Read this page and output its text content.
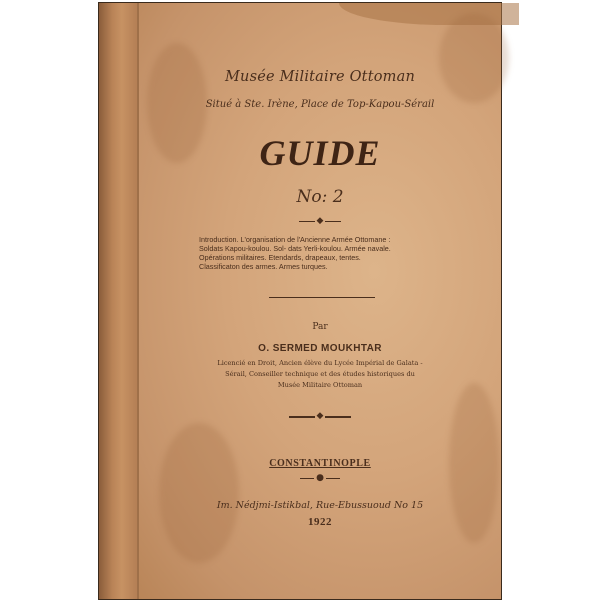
Musée Militaire Ottoman
Situé à Ste. Irène, Place de Top-Kapou-Sérail
GUIDE
No: 2
◆
Introduction. L'organisation de l'Ancienne Armée Ottomane :
Soldats Kapou-koulou. Sol- dats Yerli-koulou. Armée navale.
Opérations militaires. Etendards, drapeaux, tentes.
Classificaton des armes. Armes turques.
Par
O. SERMED MOUKHTAR
Licencié en Droit, Ancien élève du Lycée Impérial de Galata -
Sérail, Conseiller technique et des études historiques du
Musée Militaire Ottoman
◆
CONSTANTINOPLE
●
Im. Nédjmi-Istikbal, Rue-Ebussuoud No 15
1922
